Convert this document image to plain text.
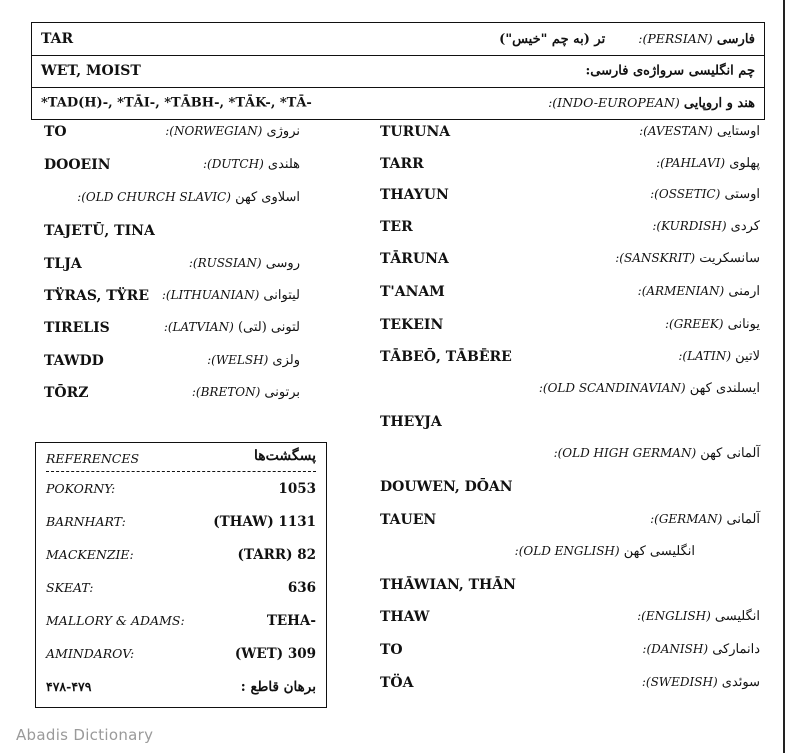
TAR	فارسی (PERSIAN):        تر (به چم "خیس")
WET, MOIST	چم انگلیسی سرواژه‌ی فارسی:
*TAD(H)-, *TĀI-, *TĀBH-, *TĀK-, *TĀ-	هند و اروپایی (INDO-EUROPEAN):
TO	نروژی (NORWEGIAN):
DOOEIN	هلندی (DUTCH):
اسلاوی کهن (OLD CHURCH SLAVIC):
TAJETŪ, TINA
TLJA	روسی (RUSSIAN):
TŸRAS, TŸRE	لیتوانی (LITHUANIAN):
TIRELIS	لتونی (لتی) (LATVIAN):
TAWDD	ولزی (WELSH):
TŌRZ	برتونی (BRETON):
TURUNA	اوستایی (AVESTAN):
TARR	پهلوی (PAHLAVI):
THAYUN	اوستی (OSSETIC):
TER	کردی (KURDISH):
TĀRUNA	سانسکریت (SANSKRIT):
T'ANAM	ارمنی (ARMENIAN):
TEKEIN	یونانی (GREEK):
TĀBEŌ, TĀBĒRE	لاتین (LATIN):
ایسلندی کهن (OLD SCANDINAVIAN):
THEYJA
آلمانی کهن (OLD HIGH GERMAN):
DOUWEN, DŌAN
TAUEN	آلمانی (GERMAN):
انگلیسی کهن (OLD ENGLISH):
THĀWIAN, THĀN
THAW	انگلیسی (ENGLISH):
TO	دانمارکی (DANISH):
TÖA	سوئدی (SWEDISH):
REFERENCES	پسگشت‌ها
POKORNY:	1053
BARNHART:	(THAW) 1131
MACKENZIE:	(TARR) 82
SKEAT:	636
MALLORY & ADAMS:	TEHA-
AMINDAROV:	(WET) 309
۴۷۸-۴۷۹	برهان قاطع :
Abadis Dictionary
